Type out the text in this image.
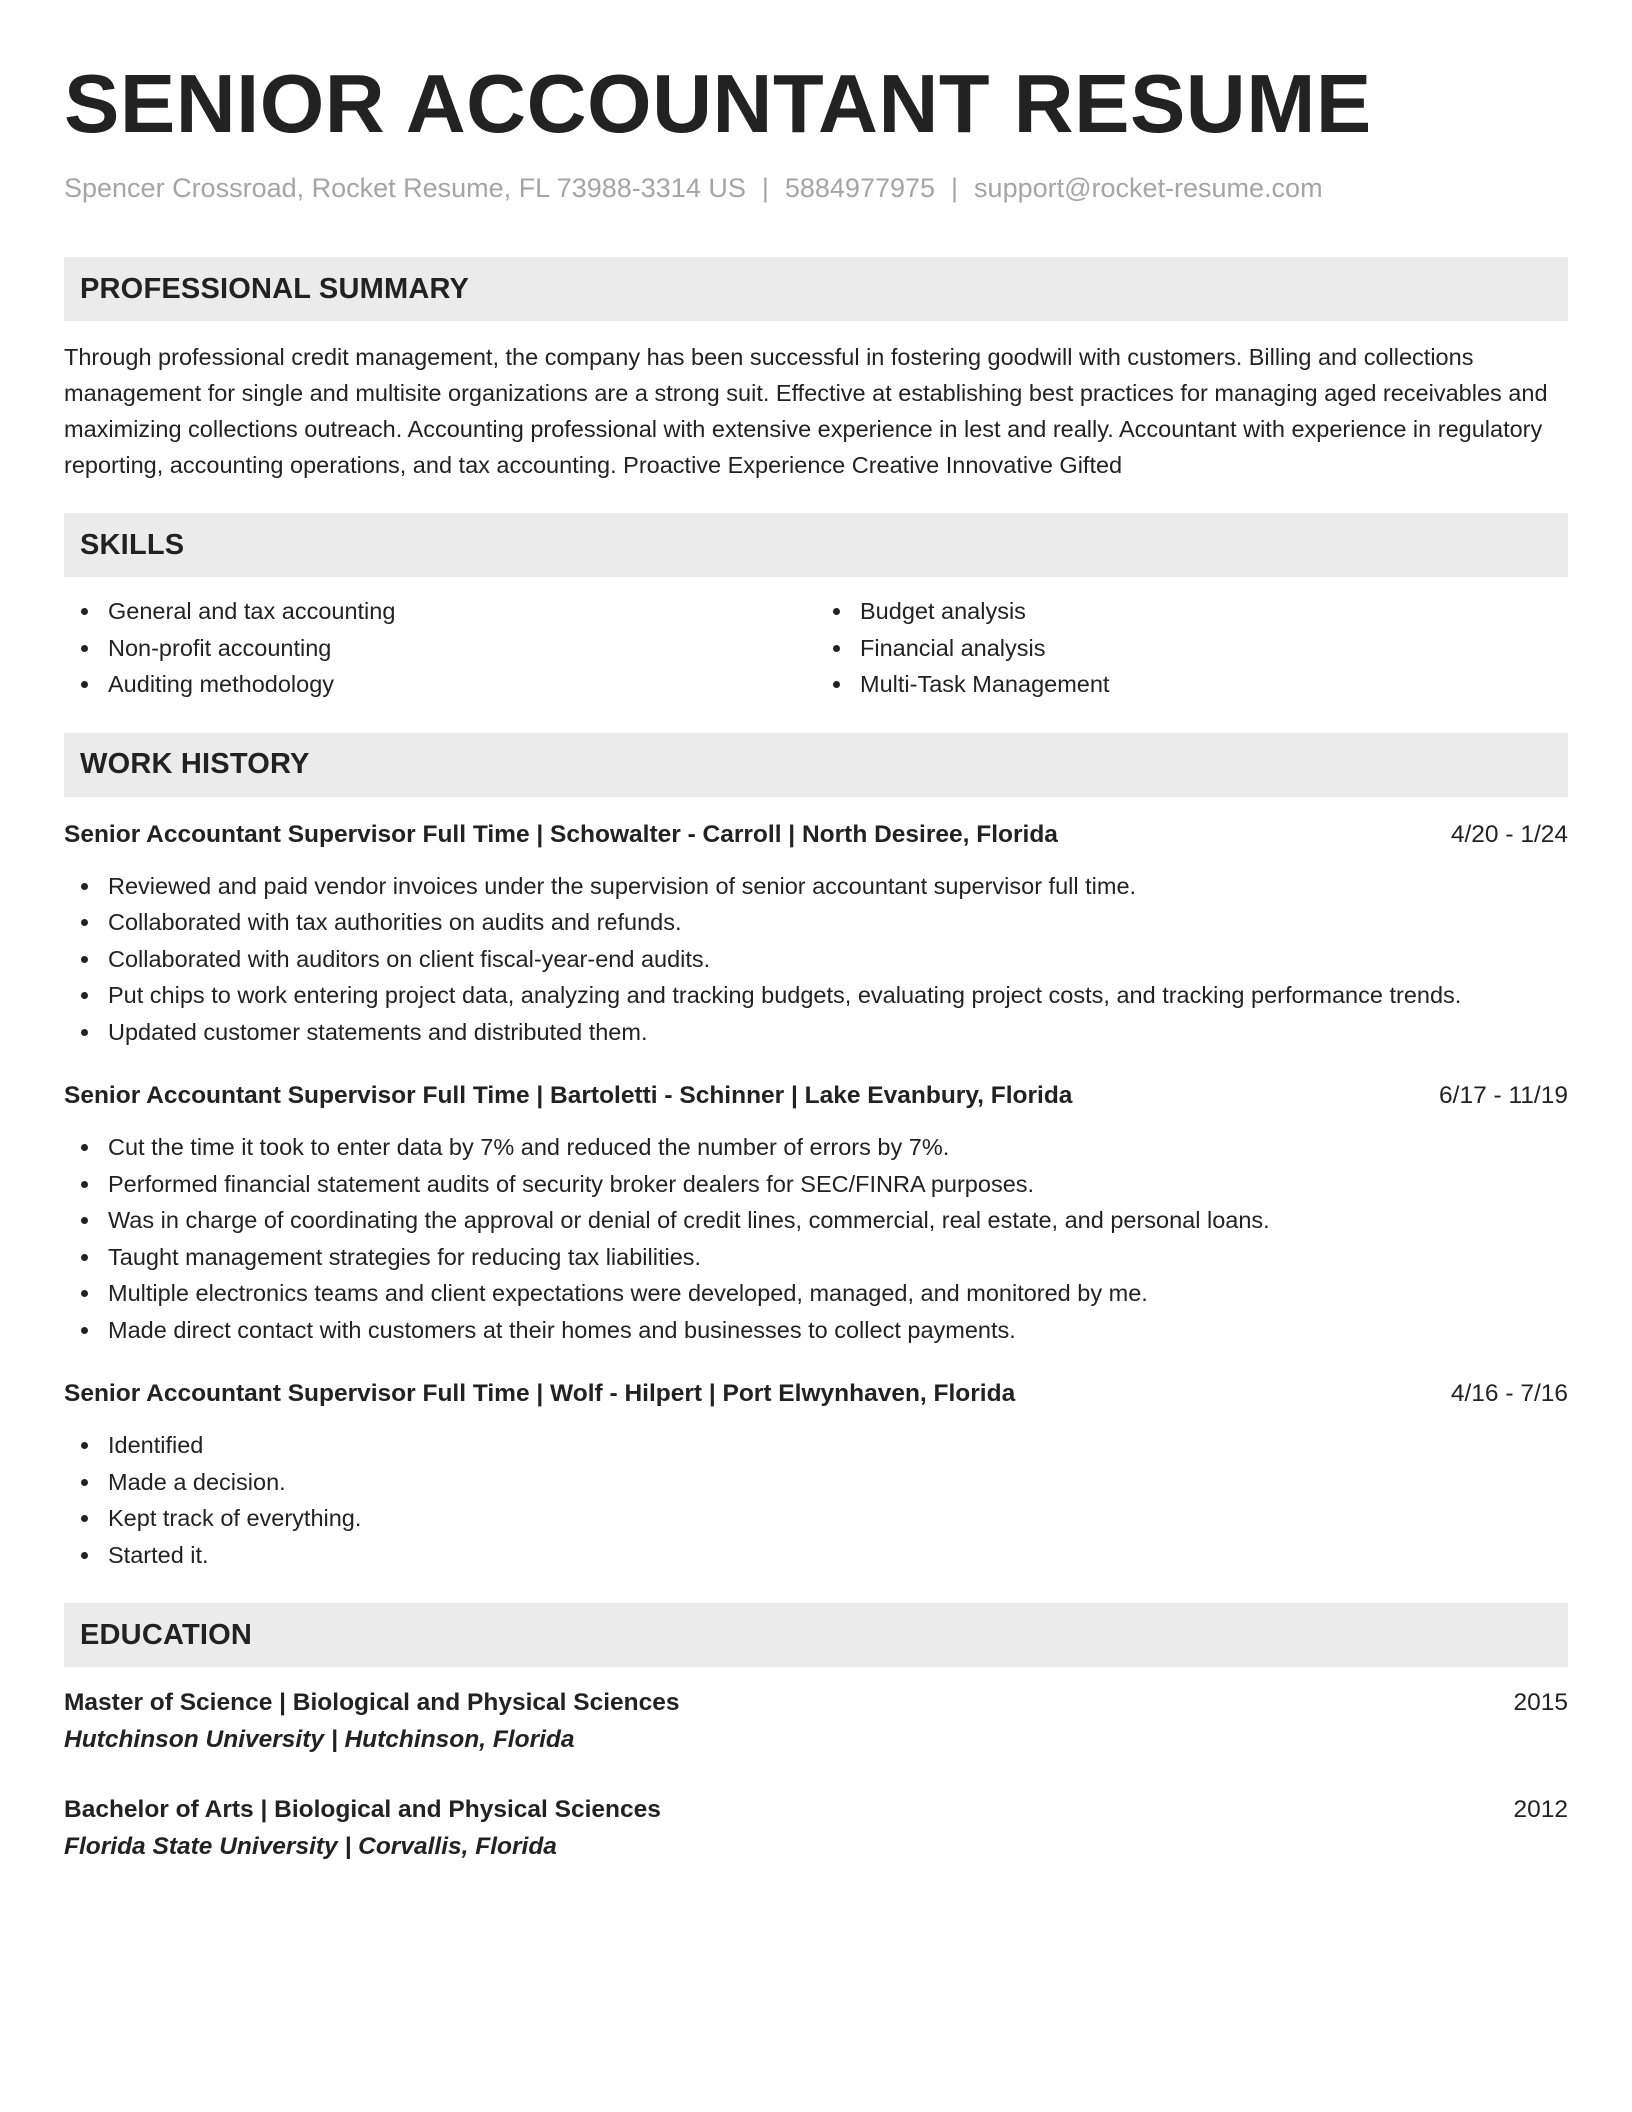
SENIOR ACCOUNTANT RESUME
Spencer Crossroad, Rocket Resume, FL 73988-3314 US | 5884977975 | support@rocket-resume.com
PROFESSIONAL SUMMARY
Through professional credit management, the company has been successful in fostering goodwill with customers. Billing and collections management for single and multisite organizations are a strong suit. Effective at establishing best practices for managing aged receivables and maximizing collections outreach. Accounting professional with extensive experience in lest and really. Accountant with experience in regulatory reporting, accounting operations, and tax accounting. Proactive Experience Creative Innovative Gifted
SKILLS
General and tax accounting
Non-profit accounting
Auditing methodology
Budget analysis
Financial analysis
Multi-Task Management
WORK HISTORY
Senior Accountant Supervisor Full Time | Schowalter - Carroll | North Desiree, Florida	4/20 - 1/24
Reviewed and paid vendor invoices under the supervision of senior accountant supervisor full time.
Collaborated with tax authorities on audits and refunds.
Collaborated with auditors on client fiscal-year-end audits.
Put chips to work entering project data, analyzing and tracking budgets, evaluating project costs, and tracking performance trends.
Updated customer statements and distributed them.
Senior Accountant Supervisor Full Time | Bartoletti - Schinner | Lake Evanbury, Florida	6/17 - 11/19
Cut the time it took to enter data by 7% and reduced the number of errors by 7%.
Performed financial statement audits of security broker dealers for SEC/FINRA purposes.
Was in charge of coordinating the approval or denial of credit lines, commercial, real estate, and personal loans.
Taught management strategies for reducing tax liabilities.
Multiple electronics teams and client expectations were developed, managed, and monitored by me.
Made direct contact with customers at their homes and businesses to collect payments.
Senior Accountant Supervisor Full Time | Wolf - Hilpert | Port Elwynhaven, Florida	4/16 - 7/16
Identified
Made a decision.
Kept track of everything.
Started it.
EDUCATION
Master of Science | Biological and Physical Sciences	2015
Hutchinson University | Hutchinson, Florida
Bachelor of Arts | Biological and Physical Sciences	2012
Florida State University | Corvallis, Florida
